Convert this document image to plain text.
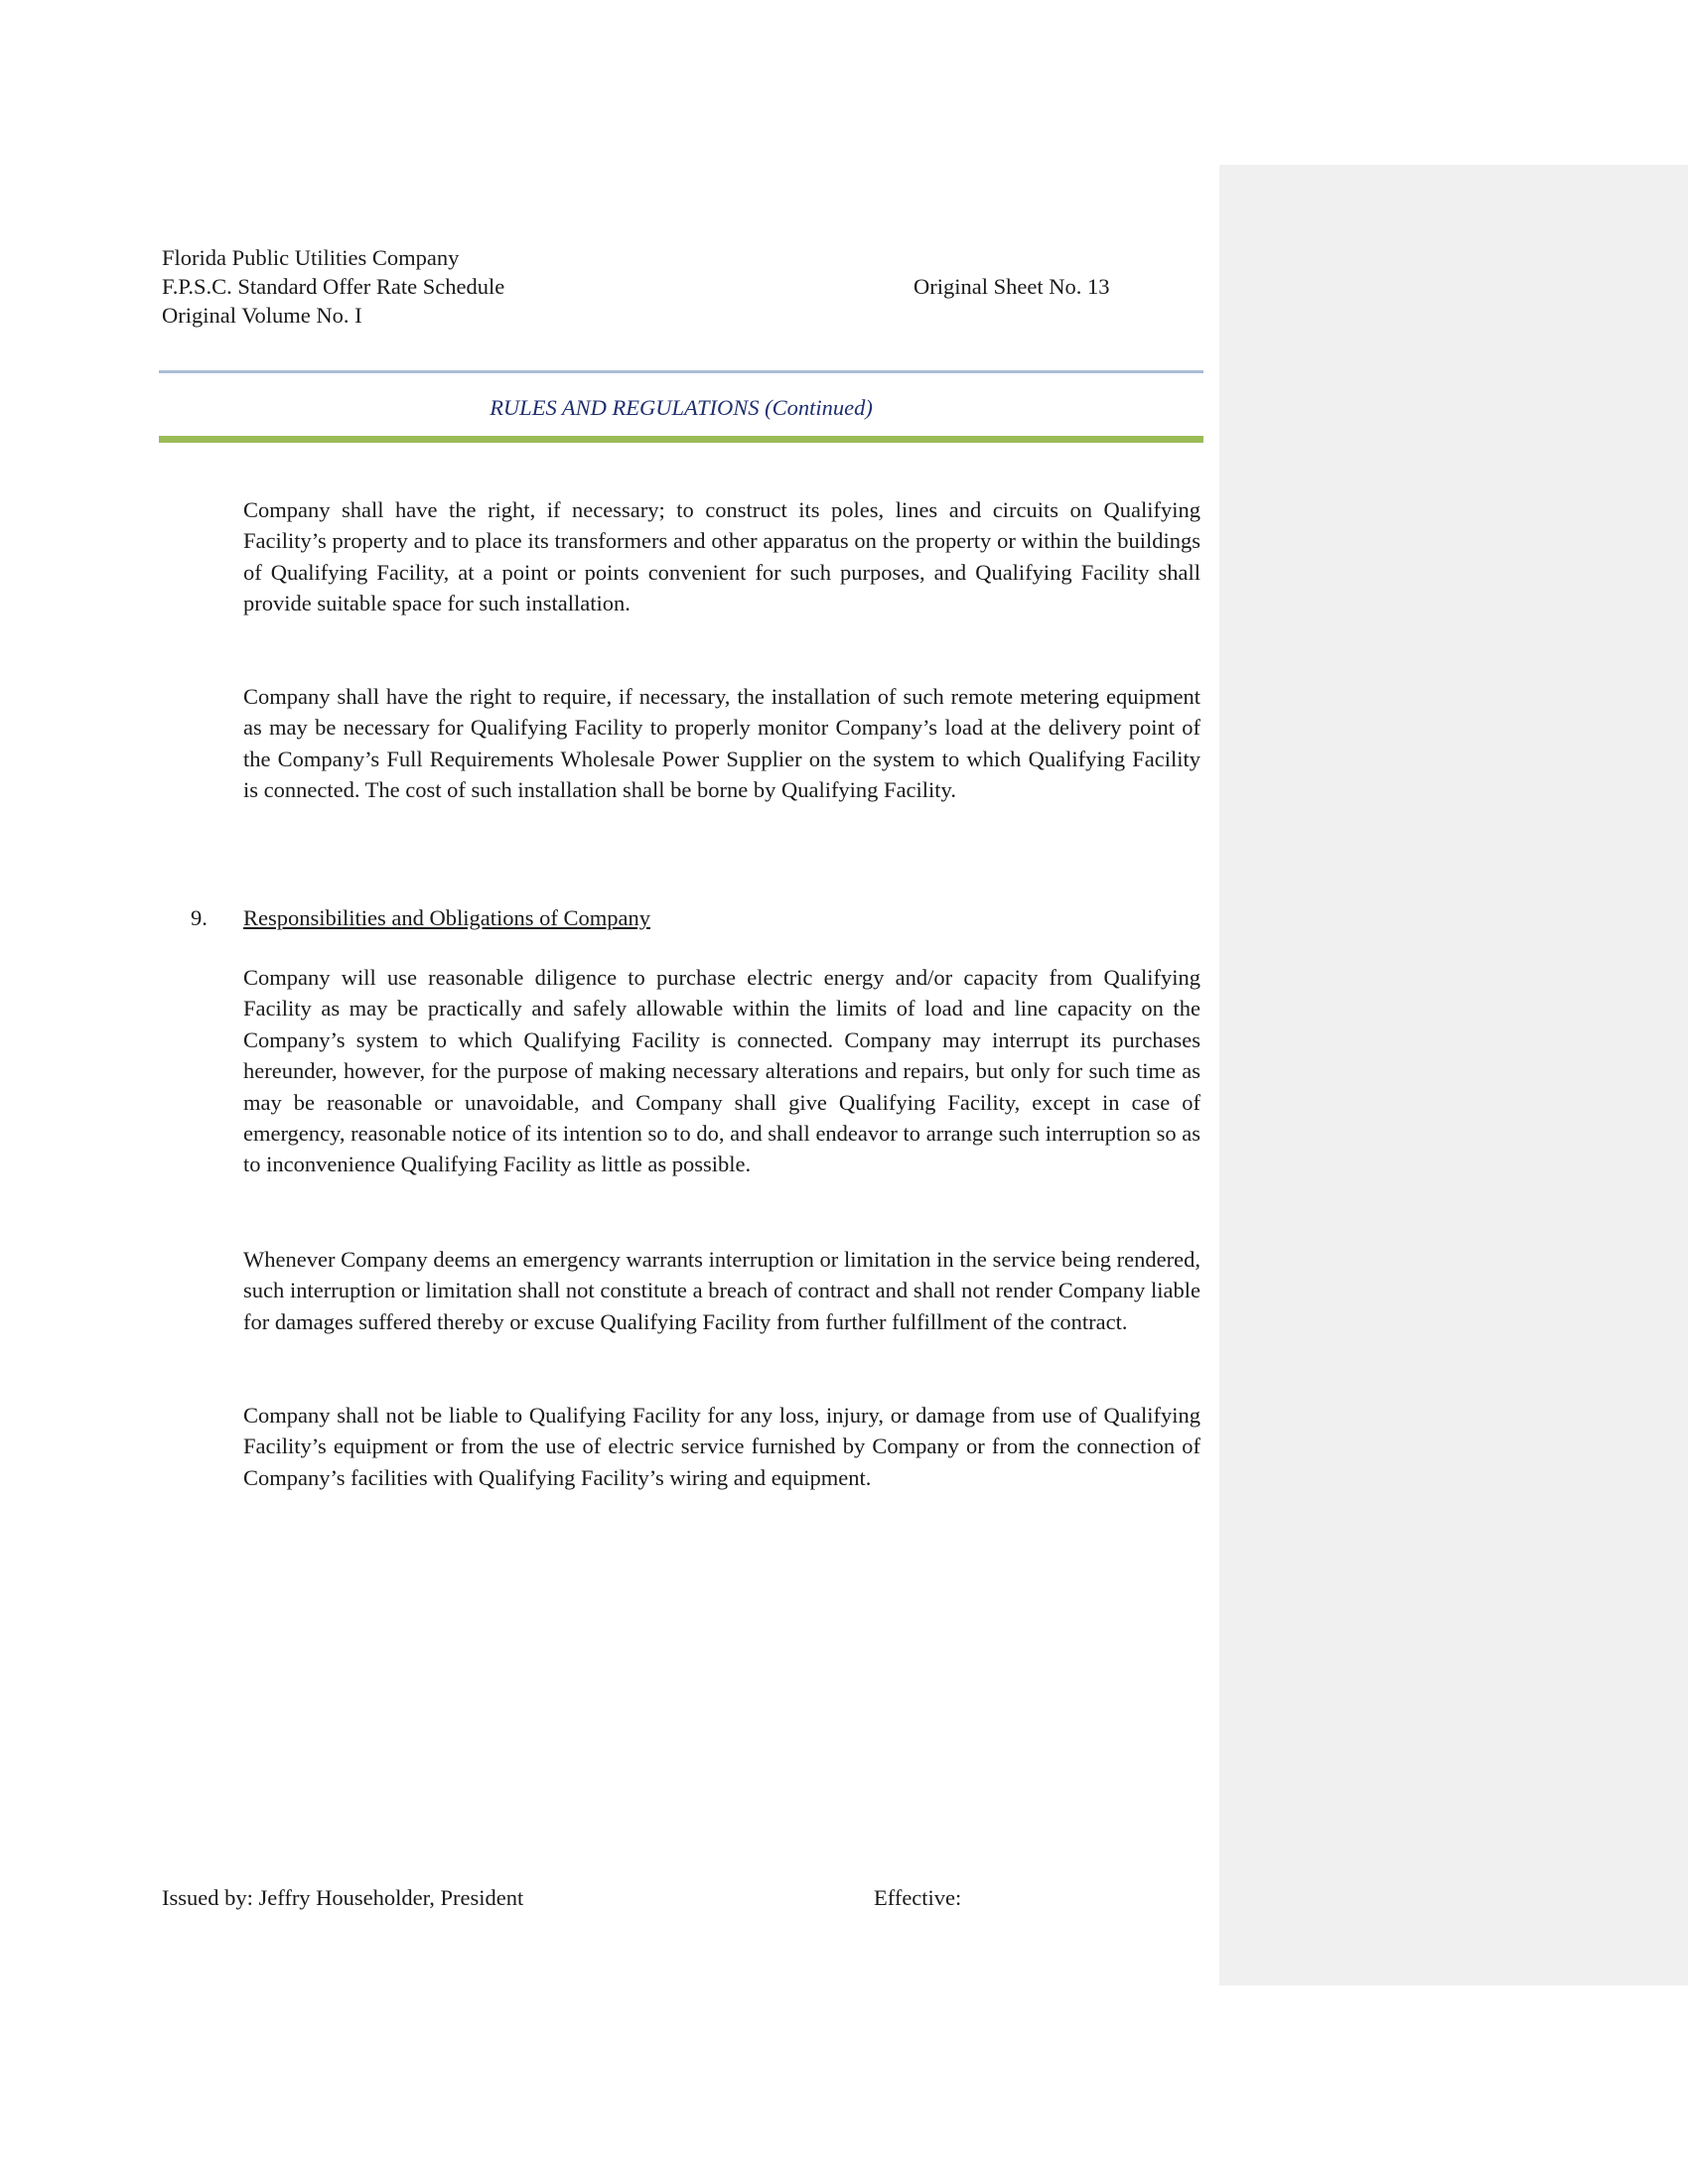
Florida Public Utilities Company
F.P.S.C. Standard Offer Rate Schedule
Original Volume No. I
Original Sheet No. 13
RULES AND REGULATIONS (Continued)

Company shall have the right, if necessary; to construct its poles, lines and circuits on Qualifying Facility’s property and to place its transformers and other apparatus on the property or within the buildings of Qualifying Facility, at a point or points convenient for such purposes, and Qualifying Facility shall provide suitable space for such installation.

Company shall have the right to require, if necessary, the installation of such remote metering equipment as may be necessary for Qualifying Facility to properly monitor Company’s load at the delivery point of the Company’s Full Requirements Wholesale Power Supplier on the system to which Qualifying Facility is connected. The cost of such installation shall be borne by Qualifying Facility.

9. Responsibilities and Obligations of Company

Company will use reasonable diligence to purchase electric energy and/or capacity from Qualifying Facility as may be practically and safely allowable within the limits of load and line capacity on the Company’s system to which Qualifying Facility is connected. Company may interrupt its purchases hereunder, however, for the purpose of making necessary alterations and repairs, but only for such time as may be reasonable or unavoidable, and Company shall give Qualifying Facility, except in case of emergency, reasonable notice of its intention so to do, and shall endeavor to arrange such interruption so as to inconvenience Qualifying Facility as little as possible.

Whenever Company deems an emergency warrants interruption or limitation in the service being rendered, such interruption or limitation shall not constitute a breach of contract and shall not render Company liable for damages suffered thereby or excuse Qualifying Facility from further fulfillment of the contract.

Company shall not be liable to Qualifying Facility for any loss, injury, or damage from use of Qualifying Facility’s equipment or from the use of electric service furnished by Company or from the connection of Company’s facilities with Qualifying Facility’s wiring and equipment.

Issued by: Jeffry Householder, President	Effective:
